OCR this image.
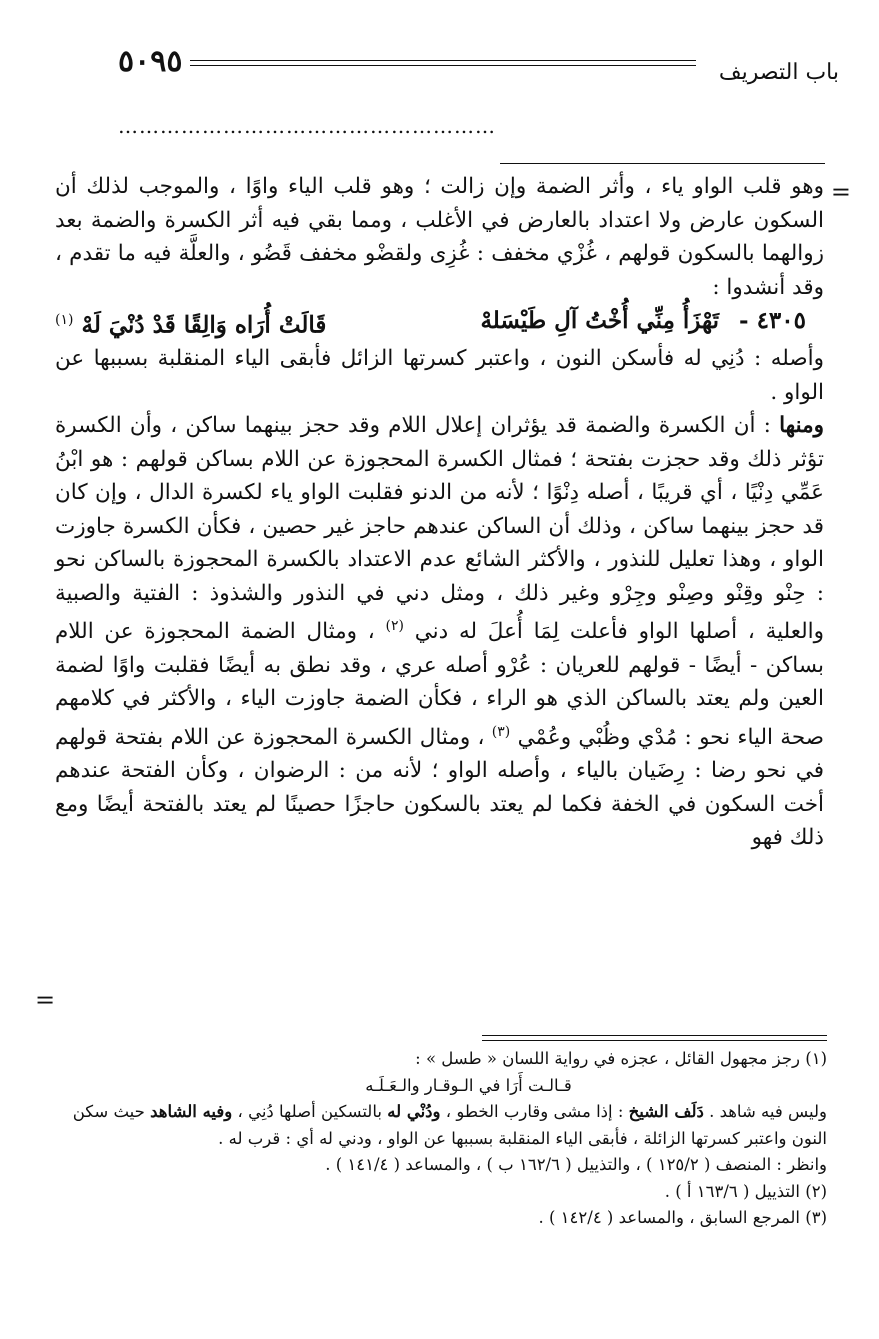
٥٠٩٥	باب التصريف
………………………………………………
=

وهو قلب الواو ياء ، وأثر الضمة وإن زالت ؛ وهو قلب الياء واوًا ، والموجب لذلك أن السكون عارض ولا اعتداد بالعارض في الأغلب ، ومما بقي فيه أثر الكسرة والضمة بعد زوالهما بالسكون قولهم ، غُزْي مخفف : غُزِى ولقضْو مخفف قَضُو ، والعلَّة فيه ما تقدم ، وقد أنشدوا :

٤٣٠٥ - تَهْزَأُ مِنِّي أُخْتُ آلِ طَيْسَلهْ
قَالَتْ أُرَاه وَالِقًا قَدْ دُنْيَ لَهْ $^{(١)}$

وأصله : دُنِي له فأسكن النون ، واعتبر كسرتها الزائل فأبقى الياء المنقلبة بسببها عن الواو .

ومنها : أن الكسرة والضمة قد يؤثران إعلال اللام وقد حجز بينهما ساكن ، وأن الكسرة تؤثر ذلك وقد حجزت بفتحة ؛ فمثال الكسرة المحجوزة عن اللام بساكن قولهم : هو ابْنُ عَمِّي دِنْيًا ، أي قريبًا ، أصله دِنْوًا ؛ لأنه من الدنو فقلبت الواو ياء لكسرة الدال ، وإن كان قد حجز بينهما ساكن ، وذلك أن الساكن عندهم حاجز غير حصين ، فكأن الكسرة جاوزت الواو ، وهذا تعليل للنذور ، والأكثر الشائع عدم الاعتداد بالكسرة المحجوزة بالساكن نحو : حِنْو وقِنْو وصِنْو وجِرْو وغير ذلك ، ومثل دني في النذور والشذوذ : الفتية والصبية والعلية ، أصلها الواو فأعلت لِمَا أُعلَ له دني $^{(٢)}$ ، ومثال الضمة المحجوزة عن اللام بساكن - أيضًا - قولهم للعريان : عُرْو أصله عري ، وقد نطق به أيضًا فقلبت واوًا لضمة العين ولم يعتد بالساكن الذي هو الراء ، فكأن الضمة جاوزت الياء ، والأكثر في كلامهم صحة الياء نحو : مُدْي وظُبْي وعُمْي $^{(٣)}$ ، ومثال الكسرة المحجوزة عن اللام بفتحة قولهم في نحو رضا : رِضَيان بالياء ، وأصله الواو ؛ لأنه من : الرضوان ، وكأن الفتحة عندهم أخت السكون في الخفة فكما لم يعتد بالسكون حاجزًا حصينًا لم يعتد بالفتحة أيضًا ومع ذلك فهو

=

(١) رجز مجهول القائل ، عجزه في رواية اللسان « طسل » :

قـالـت أَرَا في الـوقـار والـعَـلَـه

وليس فيه شاهد . دَلَف الشيخ : إذا مشى وقارب الخطو ، ودُنْي له بالتسكين أصلها دُنِي ، وفيه الشاهد حيث سكن النون واعتبر كسرتها الزائلة ، فأبقى الياء المنقلبة بسببها عن الواو ، ودني له أي : قرب له .

وانظر : المنصف ( ١٢٥/٢ ) ، والتذييل ( ١٦٢/٦ ب ) ، والمساعد ( ١٤١/٤ ) .

(٢) التذييل ( ١٦٣/٦ أ ) .

(٣) المرجع السابق ، والمساعد ( ١٤٢/٤ ) .
